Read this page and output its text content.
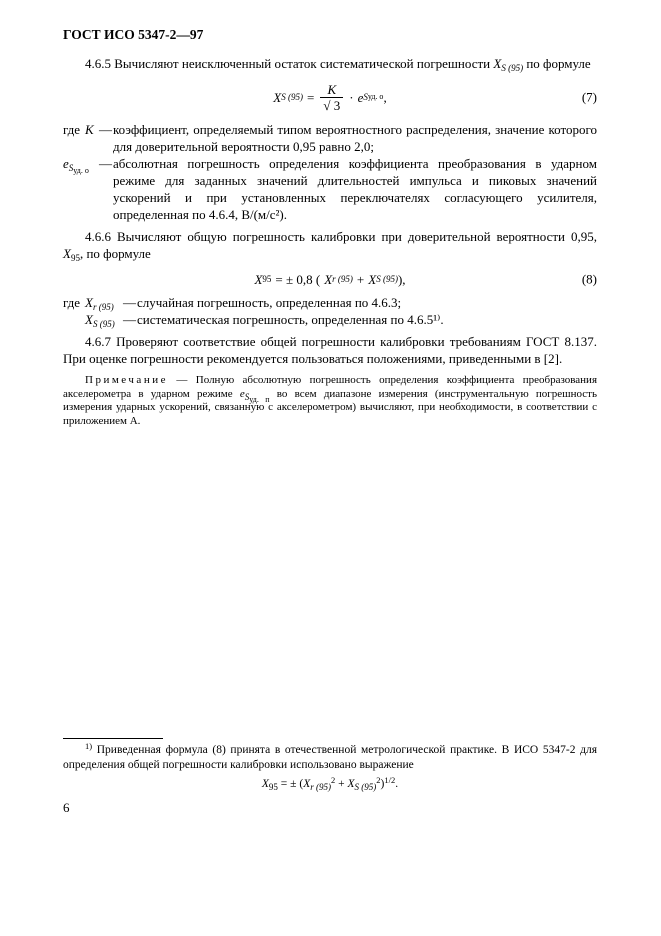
ГОСТ ИСО 5347-2—97

4.6.5 Вычисляют неисключенный остаток систематической погрешности $X_{S (95)}$ по формуле

X S $(95) = \frac{K}{√ 3} \cdot e$ S уд. о ,	(7)
где К — коэффициент, определяемый типом вероятностного распределения, значение которого для доверительной вероятности 0,95 равно 2,0;
$e_{Sуд. о}$ — абсолютная погрешность определения коэффициента преобразования в ударном режиме для заданных значений длительностей импульса и пиковых значений ускорений и при установленных переключателях согласующего усилителя, определенная по 4.6.4, В/(м/с²).

4.6.6 Вычисляют общую погрешность калибровки при доверительной вероятности 0,95, $X_{95}$, по формуле

X 95 = ± 0,8 ( X r (95) + X S (95) ),	(8)
где $X_{r (95)}$ — случайная погрешность, определенная по 4.6.3;
$X_{S (95)}$ — систематическая погрешность, определенная по 4.6.5¹⁾.

4.6.7 Проверяют соответствие общей погрешности калибровки требованиям ГОСТ 8.137. При оценке погрешности рекомендуется пользоваться положениями, приведенными в [2].

Примечание — Полную абсолютную погрешность определения коэффициента преобразования акселерометра в ударном режиме $e_{Sуд. п}$ во всем диапазоне измерения (инструментальную погрешность измерения ударных ускорений, связанную с акселерометром) вычисляют, при необходимости, в соответствии с приложением А.

$^{1)}$ Приведенная формула (8) принята в отечественной метрологической практике. В ИСО 5347-2 для определения общей погрешности калибровки использовано выражение

$X_{95}$ = ± $(X_{r (95)}^2 + X_{S (95)}^2)^{1/2}$.
6
